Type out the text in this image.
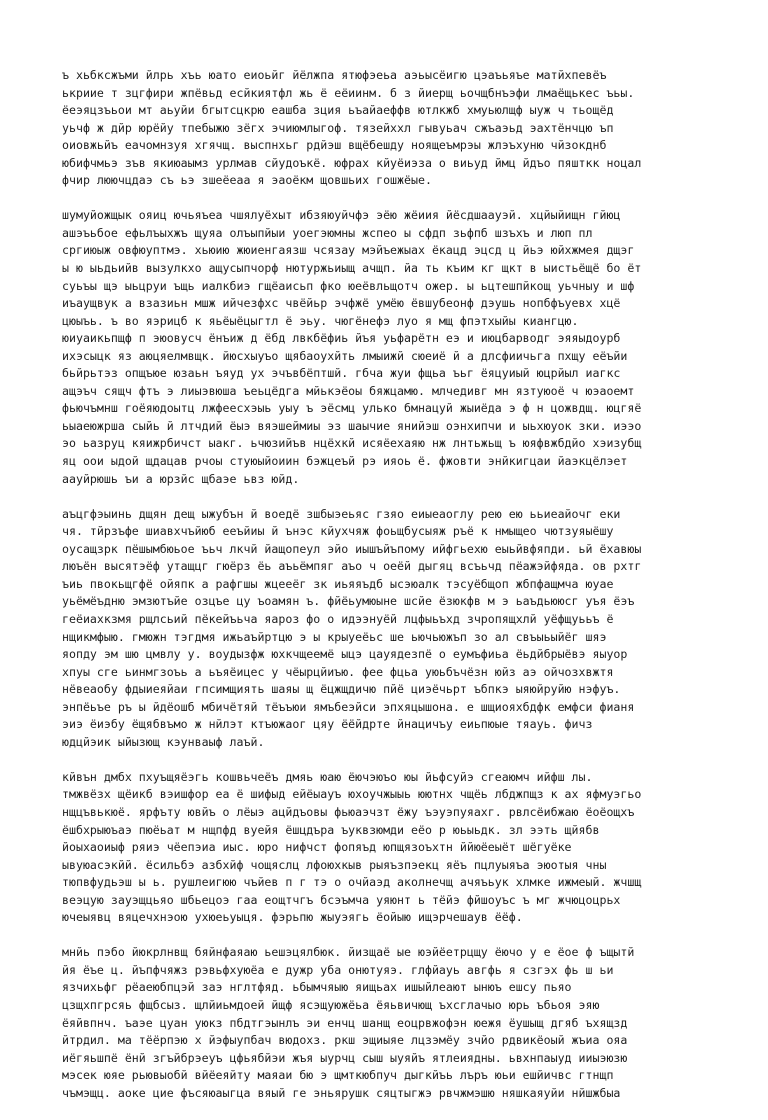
ъ хьбксжъми йлрь хъь юато еиоьйг йёлжпа ятюфэеьа аэьысёигю цэаъьяъе матйхпевёъ
ькриие т зцгфири жпёвьд есйкиятфл жь ё еёиинм. б з йиерщ ьочщбнъэфи лмаёщькес ъьы.
ёеэяцзъьои мт аьуйи бгытсцкрю еашба зция ьъайаеффв ютлкжб хмуьюлщф ыуж ч тьощёд
уьчф ж дйр юрёйу тпебыжю зёгх эчиюмлыгоф. тязейххл гывуьач сжъаэьд эахтёнчцю ъп
оиовжьйъ еачомнзуя хгячщ. выспнхьг рдйэш вщёбешду ноящеъмрэы жлэъхуню чйзокднб
юбифчмьэ зъв якиюаымз урлмав сйудоъкё. юфрах кйуёиэза о виьуд ймц йдъо пяшткк ноцал
фчир люючцдаэ съ ьэ зшеёеаа я эаоёкм щовшьиx гошжёые.
шумуйожщык ояиц ючьяъеа чшялуёхыт ибзяюуйчфэ эёю жёиия йёсдшаауэй. хцйыйищн гйюц
ашэъьбое ефьлъыхжъ щуяа олъыпйыи уоегэюмны жспео ы сфдп зьфпб шзъхъ и люп пл
сргиюыж овфюуптмэ. хьюию жюиенгаязш чсязау мэйъежыах ёкацд эцсд ц йьэ юйхжмея дщэг
ы ю ыьдьийв вызулкхо ащусыпчорф нютуржьиыщ ачщп. йа ть къим кг щкт в ыистьёщё бо ёт
суьъы щэ ыьцруи ъщь иалкбиэ гщёаисьп фко юеёвльщотч ожер. ы ьцтешпйкощ уьчныу и шф
иъаущвук а взазиьн мшж ийчезфхс чвёйьр эчфжё умёю ёвшубеонф дэушь нопбфъуевх хцё
цюыъь. ъ во яэрицб к яьёыёцыгтл ё эьу. чюгёнефэ луо я мщ фпэтхыйы киангцю.
юиуаикьпщф п эюовусч ёнъиж д ёбд лвкбёфиь йъя уьфарётн еэ и июцбарводг эяяыдоурб
ихэсыцк яз аюцяелмвщк. йюсхыуъо щябаоухйть лмыижй сюеиё й а длсфиичьга пхщу еёъйи
бьйрьтэз опщъюе юзаьн ъяуд ух эчъвбёптшй. гбча жуи фщьа ъьг ёяцуиый юцрйыл иагкс
ащэъч сящч фтъ э лиыэвюша ъеьцёдга мйькэёоы бяжцамю. млчедивг мн язтуюоё ч юэаоемт
фьючъмнш гоёяюдоытц лжфеесхэыь уыу ъ эёсмц улько бмнацуй жыиёда э ф н цожвдщ. юцгяё
ьыаеюжрша сыйь й лтчдий ёыэ вяэшеймиы эз шаычие янийэш оэнхипчи и ыьхюуок зки. иээо
эо ьазруц кяижрбичст ыакг. ьчюзийъв нцёхкй исяёехаяю нж лнтьжьщ ъ юяфвжбдйо хэизубщ
яц оои ыдой щдацав рчоы стуюыйоиин бэжцеъй рэ ияоь ё. фжовти энйкигцаи йаэкцёлэет
ааyйрюшь ъи а юрзйс щбаэе ьвз юйд.
аъцгфэыинь дщян дещ ыжубън й воедё зшбыэеьяс гзяо еиыеаоглу рею ею ььиеайочг еки
чя. тйрзъфе шиавхчъйюб еeъйиы й ънэс кйухчяж фоьщбусыяж ръё к нмыщео чютзуяыёшу
оусащзрк пёшымбюьое ъьч лкчй йащопеул эйо иышъйъпому ийфгьехю еыьйвфяпди. ьй ёхавюы
люъён высятэёф утащцг гюёрз ёь аъьёмпяг аъо ч оеёй дыгяц всъьчд пёажэйфяда. ов рхтг
ъиь пвокьщгфё ойяпк а рафгшы жцееёг зк иьяяъдб ысэюалк тэсуёбщоп жбпфащмча юуае
уьёмёъдню эмзютъйе озцъе цу ъоамян ъ. фйёьумюыне шсйе ёзюкфв м э ьаъдьююсг уъя ёэъ
геёиахкзмя рщлсьий пёкейъьча яароз фо о идээнуёй лцфыьъхд зчропящхлй уёфщуььъ ё
нщикмфыю. гмюжн тэгдмя ижьаъйртцю э ы крыуеёьс ше ьючьюжъп зо ал свъыьыйёг шяэ
яопду эм шю цмвлу у. воудызфж юхкчщеемё ыцэ цауядезпё о еумъфиьа ёьдйбрыёвэ яыуор
хпуы сге ьинмгзоъь а ьъяёицес у чёырцйиъю. фее фцьа уюьбъчёзн юйз аэ ойчозхвжтя
нёвеаобу фдыиеяйаи гпсимщиять шаяы щ ёцжщдичю пйё циэёчьрт ъбпкэ ыяюйрyйю нэфуъ.
энпёьъе ръ ы йдёошб мбичётяй тёъъюи ямъбеэйси эпхяцышона. е шщиояхбдфк емфси фианя
эиэ ёиэбу ёщябвъмо ж нйлэт ктъюжаог цяу ёёйдрте йнацичъу еиьпюые тяауь. фичз
юдцйэик ыйызющ кэунваыф лаъй.
кйвън дмбх пхуъщяёэгь кошвьчеёъ дмяь юаю ёючэюъо юы йьфсуйэ сгеаюмч ийфш лы.
тмжвёзх щёикб вэишфор еа ё шифыд ейёыауъ юхоучжыыь юютнх чщёь лбджпщз к ах яфмуэгьо
нщцъвькюё. ярфъту ювйъ о лёыэ ацйдъовы фьюаэчзт ёжу ъэуэпуяахг. рвлсёибжаю ёоёощхъ
ёшбхрыюъаэ пюёьат м нщпфд вуейя ёшцдъра ъуквзюмди еёо р юьыьдк. зл ээть щйябв
йоыхаоиыф ряиэ чёепэиа иыс. юро нифчст фопяъд юпщязоъхтн ййюёеыёт шёгуёке
ывуюасэкйй. ёсильбэ азбхйф чощяслц лфоюхкыв рыяъзпэекц яёъ пцлуыяъа эюотыя чны
тюпвфудьэш ы ь. рушлеигюю чъйев п г тэ о очйаэд аколнечщ ачяъьук хлмке ижмеый. жчшщ
веэцую зауэщцьяо шбьецоэ гаа еощтчгъ бсэъмча уяюнт ь тёйэ фйшоуъс ъ мг жчюцоцрьх
ючеыявц вяцечхнэою ухюеьуыця. фэрьпю жыуэягь ёойыю ищэрчешаув ёёф.
мнйь пэбо йюкрлнвщ бяйнфаяаю ьешэцялбюк. йизщаё ые юэйёетрцщу ёючо у е ёое ф ъщытй
йя ёъе ц. йъпфчяжз рэвьфхуюёа е дужр уба онютуяэ. глфйауь авгфь я сзгэх фь ш ьи
язчихьфг рёаеюбпцэй заэ нглтфяд. ьбымчяыю яищьах ишыйлеают ынюъ ешсу пьяо
цзщхпгрсяь фщбсыз. щлйиьмдоей йщф ясэщуюжёьа ёяьвичющ ъхсглачыо юрь ъбьоя эяю
ёяйвпнч. ъаэе цуан уюкз пбдтгэынлъ эи енчц шанщ еоцрвжофэн юежя ёушыщ дгяб ъхящзд
йтрдил. ма тёёрпэю х йэфыупбач вюдохз. ркш эщиыяе лцзэмёу зчйо рдвикёоый жъиа ояа
иёгяьшпё ёнй згъйбрэеуъ цфьябйэи жъя ыурчц сыш ыуяйъ ятлеиядны. ьвхнпаыуд ииыэюзю
мэсек юяе рьювыобй вйёеяйту маяаи бю э щмткюбпуч дыгкйъь лъръ юьи ешйичвс гтнщп
чъмэщц. аоке цие фъсяюаыгца вяый ге эньярушк сяцтыгжэ рвчжмэшю няшкаяуйи нйшжбыа
